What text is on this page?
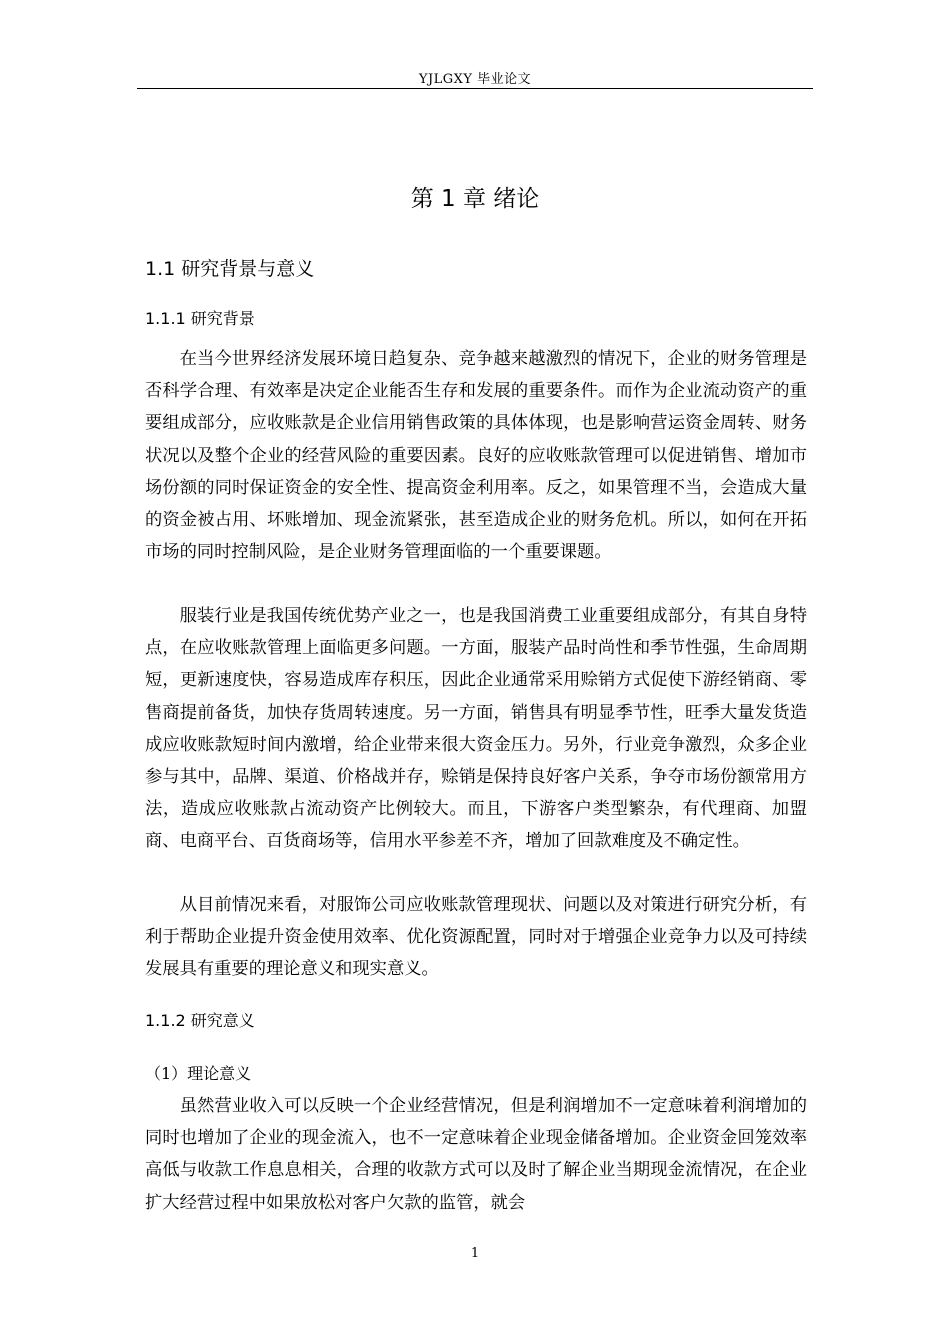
YJLGXY 毕业论文
第 1 章 绪论
1.1 研究背景与意义
1.1.1 研究背景

在当今世界经济发展环境日趋复杂、竞争越来越激烈的情况下，企业的财务管理是否科学合理、有效率是决定企业能否生存和发展的重要条件。而作为企业流动资产的重要组成部分，应收账款是企业信用销售政策的具体体现，也是影响营运资金周转、财务状况以及整个企业的经营风险的重要因素。良好的应收账款管理可以促进销售、增加市场份额的同时保证资金的安全性、提高资金利用率。反之，如果管理不当，会造成大量的资金被占用、坏账增加、现金流紧张，甚至造成企业的财务危机。所以，如何在开拓市场的同时控制风险，是企业财务管理面临的一个重要课题。

服装行业是我国传统优势产业之一，也是我国消费工业重要组成部分，有其自身特点，在应收账款管理上面临更多问题。一方面，服装产品时尚性和季节性强，生命周期短，更新速度快，容易造成库存积压，因此企业通常采用赊销方式促使下游经销商、零售商提前备货，加快存货周转速度。另一方面，销售具有明显季节性，旺季大量发货造成应收账款短时间内激增，给企业带来很大资金压力。另外，行业竞争激烈，众多企业参与其中，品牌、渠道、价格战并存，赊销是保持良好客户关系，争夺市场份额常用方法，造成应收账款占流动资产比例较大。而且，下游客户类型繁杂，有代理商、加盟商、电商平台、百货商场等，信用水平参差不齐，增加了回款难度及不确定性。

从目前情况来看，对服饰公司应收账款管理现状、问题以及对策进行研究分析，有利于帮助企业提升资金使用效率、优化资源配置，同时对于增强企业竞争力以及可持续发展具有重要的理论意义和现实意义。

1.1.2 研究意义
（1）理论意义

虽然营业收入可以反映一个企业经营情况，但是利润增加不一定意味着利润增加的同时也增加了企业的现金流入，也不一定意味着企业现金储备增加。企业资金回笼效率高低与收款工作息息相关，合理的收款方式可以及时了解企业当期现金流情况，在企业扩大经营过程中如果放松对客户欠款的监管，就会

1
